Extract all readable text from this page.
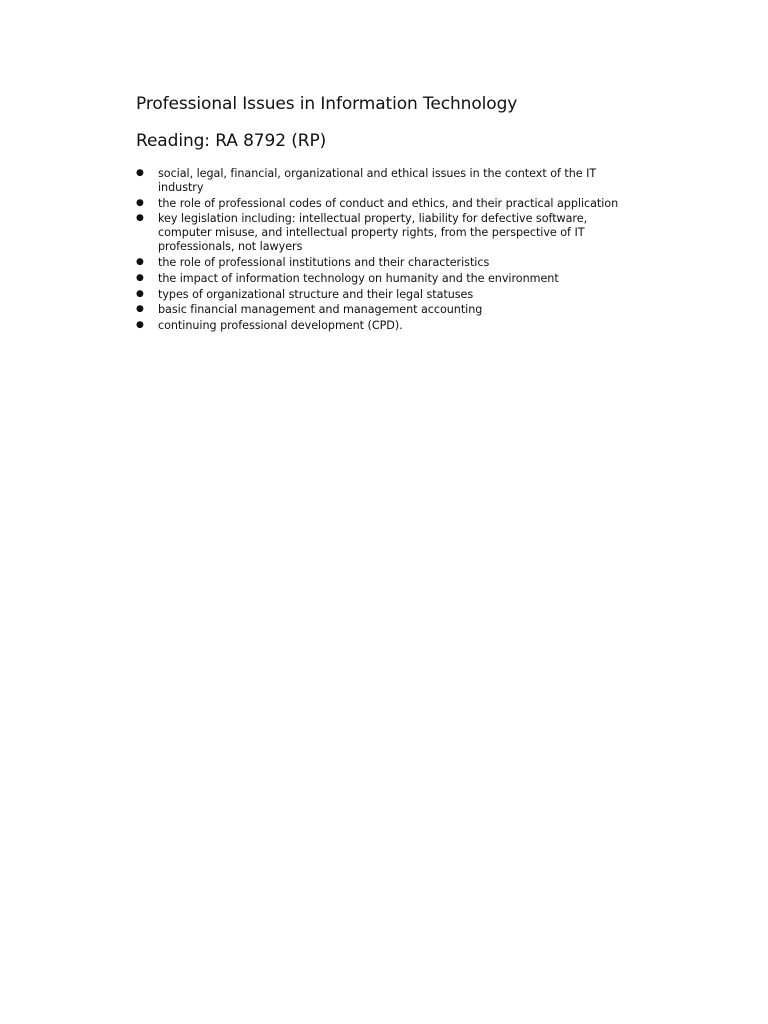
Professional Issues in Information Technology
Reading: RA 8792 (RP)
● social, legal, financial, organizational and ethical issues in the context of the IT industry
● the role of professional codes of conduct and ethics, and their practical application
● key legislation including: intellectual property, liability for defective software, computer misuse, and intellectual property rights, from the perspective of IT professionals, not lawyers
● the role of professional institutions and their characteristics
● the impact of information technology on humanity and the environment
● types of organizational structure and their legal statuses
● basic financial management and management accounting
● continuing professional development (CPD).
